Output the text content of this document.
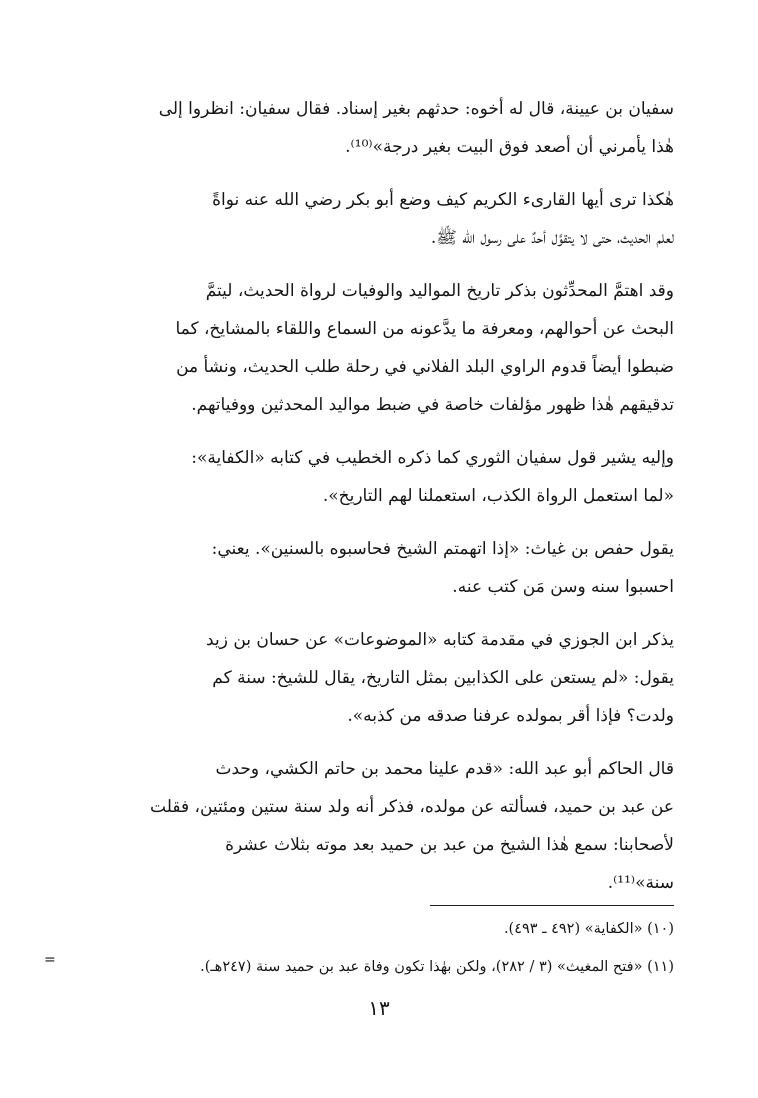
سفيان بن عيينة، قال له أخوه: حدثهم بغير إسناد. فقال سفيان: انظروا إلى
هٰذا يأمرني أن أصعد فوق البيت بغير درجة»⁽¹⁰⁾.

هٰكذا ترى أيها القارىء الكريم كيف وضع أبو بكر رضي الله عنه نواةً
لعلم الحديث، حتى لا يتقوَّل أحدٌ على رسول الله ﷺ.

وقد اهتمَّ المحدِّثون بذكر تاريخ المواليد والوفيات لرواة الحديث، ليتمَّ
البحث عن أحوالهم، ومعرفة ما يدَّعونه من السماع واللقاء بالمشايخ، كما
ضبطوا أيضاً قدوم الراوي البلد الفلاني في رحلة طلب الحديث، ونشأ من
تدقيقهم هٰذا ظهور مؤلفات خاصة في ضبط مواليد المحدثين ووفياتهم.

وإليه يشير قول سفيان الثوري كما ذكره الخطيب في كتابه «الكفاية»:
«لما استعمل الرواة الكذب، استعملنا لهم التاريخ».

يقول حفص بن غياث: «إذا اتهمتم الشيخ فحاسبوه بالسنين». يعني:
احسبوا سنه وسن مَن كتب عنه.

يذكر ابن الجوزي في مقدمة كتابه «الموضوعات» عن حسان بن زيد
يقول: «لم يستعن على الكذابين بمثل التاريخ، يقال للشيخ: سنة كم
ولدت؟ فإذا أقر بمولده عرفنا صدقه من كذبه».

قال الحاكم أبو عبد الله: «قدم علينا محمد بن حاتم الكشي، وحدث
عن عبد بن حميد، فسألته عن مولده، فذكر أنه ولد سنة ستين ومئتين، فقلت
لأصحابنا: سمع هٰذا الشيخ من عبد بن حميد بعد موته بثلاث عشرة
سنة»⁽¹¹⁾.

(١٠) «الكفاية» (٤٩٢ ـ ٤٩٣).

(١١) «فتح المغيث» (٣ / ٢٨٢)، ولكن بهٰذا تكون وفاة عبد بن حميد سنة (٢٤٧هـ).

=
١٣
